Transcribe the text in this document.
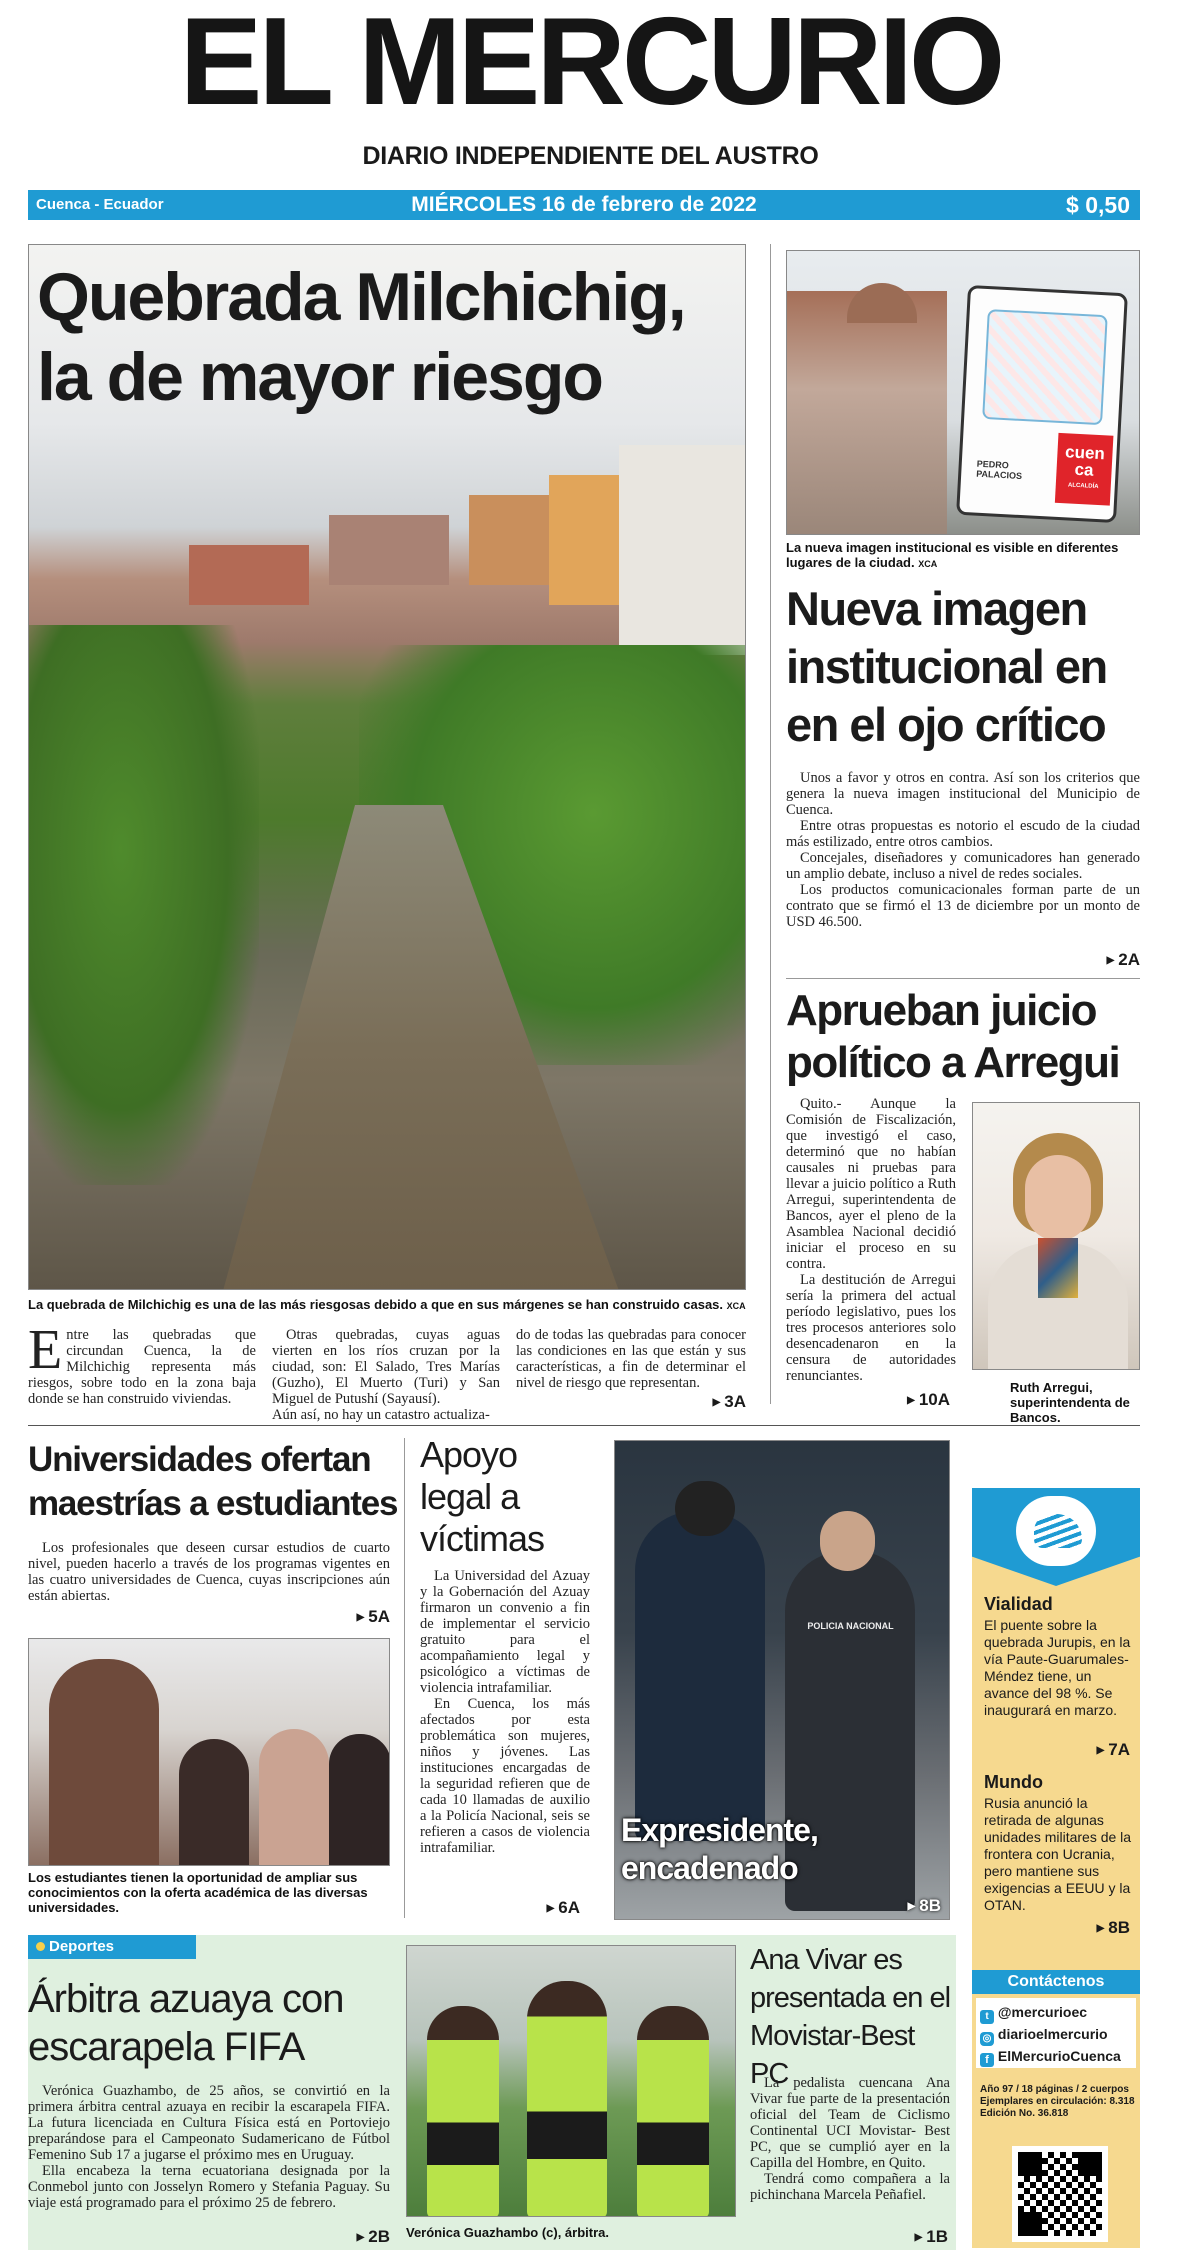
EL MERCURIO
DIARIO INDEPENDIENTE DEL AUSTRO
Cuenca - Ecuador	MIÉRCOLES 16 de febrero de 2022	$ 0,50
Quebrada Milchichig, la de mayor riesgo
La quebrada de Milchichig es una de las más riesgosas debido a que en sus márgenes se han construido casas. XCA
E ntre las quebradas que circundan Cuenca, la de Milchichig representa más riesgos, sobre todo en la zona baja donde se han construido viviendas.
Otras quebradas, cuyas aguas vierten en los ríos cruzan por la ciudad, son: El Salado, Tres Marías (Guzho), El Muerto (Turi) y San Miguel de Putushí (Sayausí).
Aún así, no hay un catastro actualiza-
do de todas las quebradas para conocer las condiciones en las que están y sus características, a fin de determinar el nivel de riesgo que representan.
▶ 3A
cuen ca
ALCALDÍA
PEDRO PALACIOS
La nueva imagen institucional es visible en diferentes lugares de la ciudad. XCA
Nueva imagen institucional en en el ojo crítico

Unos a favor y otros en contra. Así son los criterios que genera la nueva imagen institucional del Municipio de Cuenca.

Entre otras propuestas es notorio el escudo de la ciudad más estilizado, entre otros cambios.

Concejales, diseñadores y comunicadores han generado un amplio debate, incluso a nivel de redes sociales.

Los productos comunicacionales forman parte de un contrato que se firmó el 13 de diciembre por un monto de USD 46.500.

▶ 2A
Aprueban juicio político a Arregui

Quito.- Aunque la Comisión de Fiscalización, que investigó el caso, determinó que no habían causales ni pruebas para llevar a juicio político a Ruth Arregui, superintendenta de Bancos, ayer el pleno de la Asamblea Nacional decidió iniciar el proceso en su contra.

La destitución de Arregui sería la primera del actual período legislativo, pues los tres procesos anteriores solo desencadenaron en la censura de autoridades renunciantes.

▶ 10A
Ruth Arregui, superintendenta de Bancos.
Universidades ofertan maestrías a estudiantes
Los profesionales que deseen cursar estudios de cuarto nivel, pueden hacerlo a través de los programas vigentes en las cuatro universidades de Cuenca, cuyas inscripciones aún están abiertas.
▶ 5A
Los estudiantes tienen la oportunidad de ampliar sus conocimientos con la oferta académica de las diversas universidades.
Apoyo legal a víctimas

La Universidad del Azuay y la Gobernación del Azuay firmaron un convenio a fin de implementar el servicio gratuito para el acompañamiento legal y psicológico a víctimas de violencia intrafamiliar.

En Cuenca, los más afectados por esta problemática son mujeres, niños y jóvenes. Las instituciones encargadas de la seguridad refieren que de cada 10 llamadas de auxilio a la Policía Nacional, seis se refieren a casos de violencia intrafamiliar.

▶ 6A
POLICIA NACIONAL
Expresidente, encadenado
▶ 8B
Vialidad
El puente sobre la quebrada Jurupis, en la vía Paute-Guarumales-Méndez tiene, un avance del 98 %. Se inaugurará en marzo.
▶ 7A
Mundo
Rusia anunció la retirada de algunas unidades militares de la frontera con Ucrania, pero mantiene sus exigencias a EEUU y la OTAN.
▶ 8B
Contáctenos
t @mercurioec
◎ diarioelmercurio
f ElMercurioCuenca
Año 97 / 18 páginas / 2 cuerpos
Ejemplares en circulación: 8.318
Edición No. 36.818
Deportes
Árbitra azuaya con escarapela FIFA

Verónica Guazhambo, de 25 años, se convirtió en la primera árbitra central azuaya en recibir la escarapela FIFA. La futura licenciada en Cultura Física está en Portoviejo preparándose para el Campeonato Sudamericano de Fútbol Femenino Sub 17 a jugarse el próximo mes en Uruguay.

Ella encabeza la terna ecuatoriana designada por la Conmebol junto con Josselyn Romero y Stefania Paguay. Su viaje está programado para el próximo 25 de febrero.

▶ 2B Verónica Guazhambo (c), árbitra.
Ana Vivar es presentada en el Movistar-Best PC

La pedalista cuencana Ana Vivar fue parte de la presentación oficial del Team de Ciclismo Continental UCI Movistar- Best PC, que se cumplió ayer en la Capilla del Hombre, en Quito.

Tendrá como compañera a la pichinchana Marcela Peñafiel.

▶ 1B
